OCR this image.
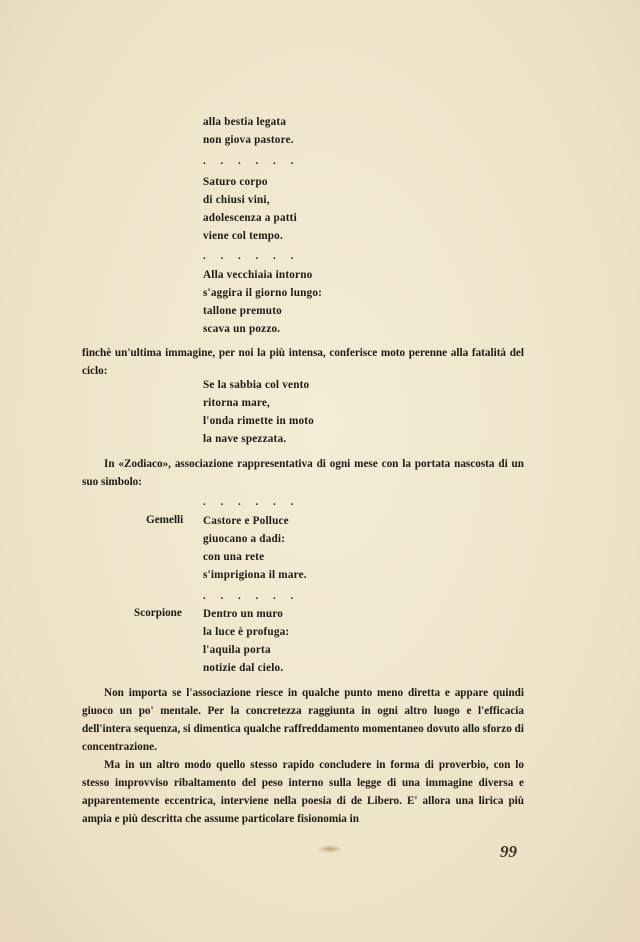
alla bestia legata
non giova pastore.
. . . . . .
Saturo corpo
di chiusi vini,
adolescenza a patti
viene col tempo.
. . . . . .
Alla vecchiaia intorno
s'aggira il giorno lungo:
tallone premuto
scava un pozzo.
finchè un'ultima immagine, per noi la più intensa, conferisce moto perenne alla fatalità del ciclo:
Se la sabbia col vento
ritorna mare,
l'onda rimette in moto
la nave spezzata.
In «Zodiaco», associazione rappresentativa di ogni mese con la portata nascosta di un suo simbolo:
. . . . . .
Gemelli Castore e Polluce
giuocano a dadi:
con una rete
s'imprigiona il mare.
. . . . . .
Scorpione Dentro un muro
la luce è profuga:
l'aquila porta
notizie dal cielo.
Non importa se l'associazione riesce in qualche punto meno diretta e appare quindi giuoco un po' mentale. Per la concretezza raggiunta in ogni altro luogo e l'efficacia dell'intera sequenza, si dimentica qualche raffreddamento momentaneo dovuto allo sforzo di concentrazione.
Ma in un altro modo quello stesso rapido concludere in forma di proverbio, con lo stesso improvviso ribaltamento del peso interno sulla legge di una immagine diversa e apparentemente eccentrica, interviene nella poesia di de Libero. E' allora una lirica più ampia e più descritta che assume particolare fisionomia in
99
